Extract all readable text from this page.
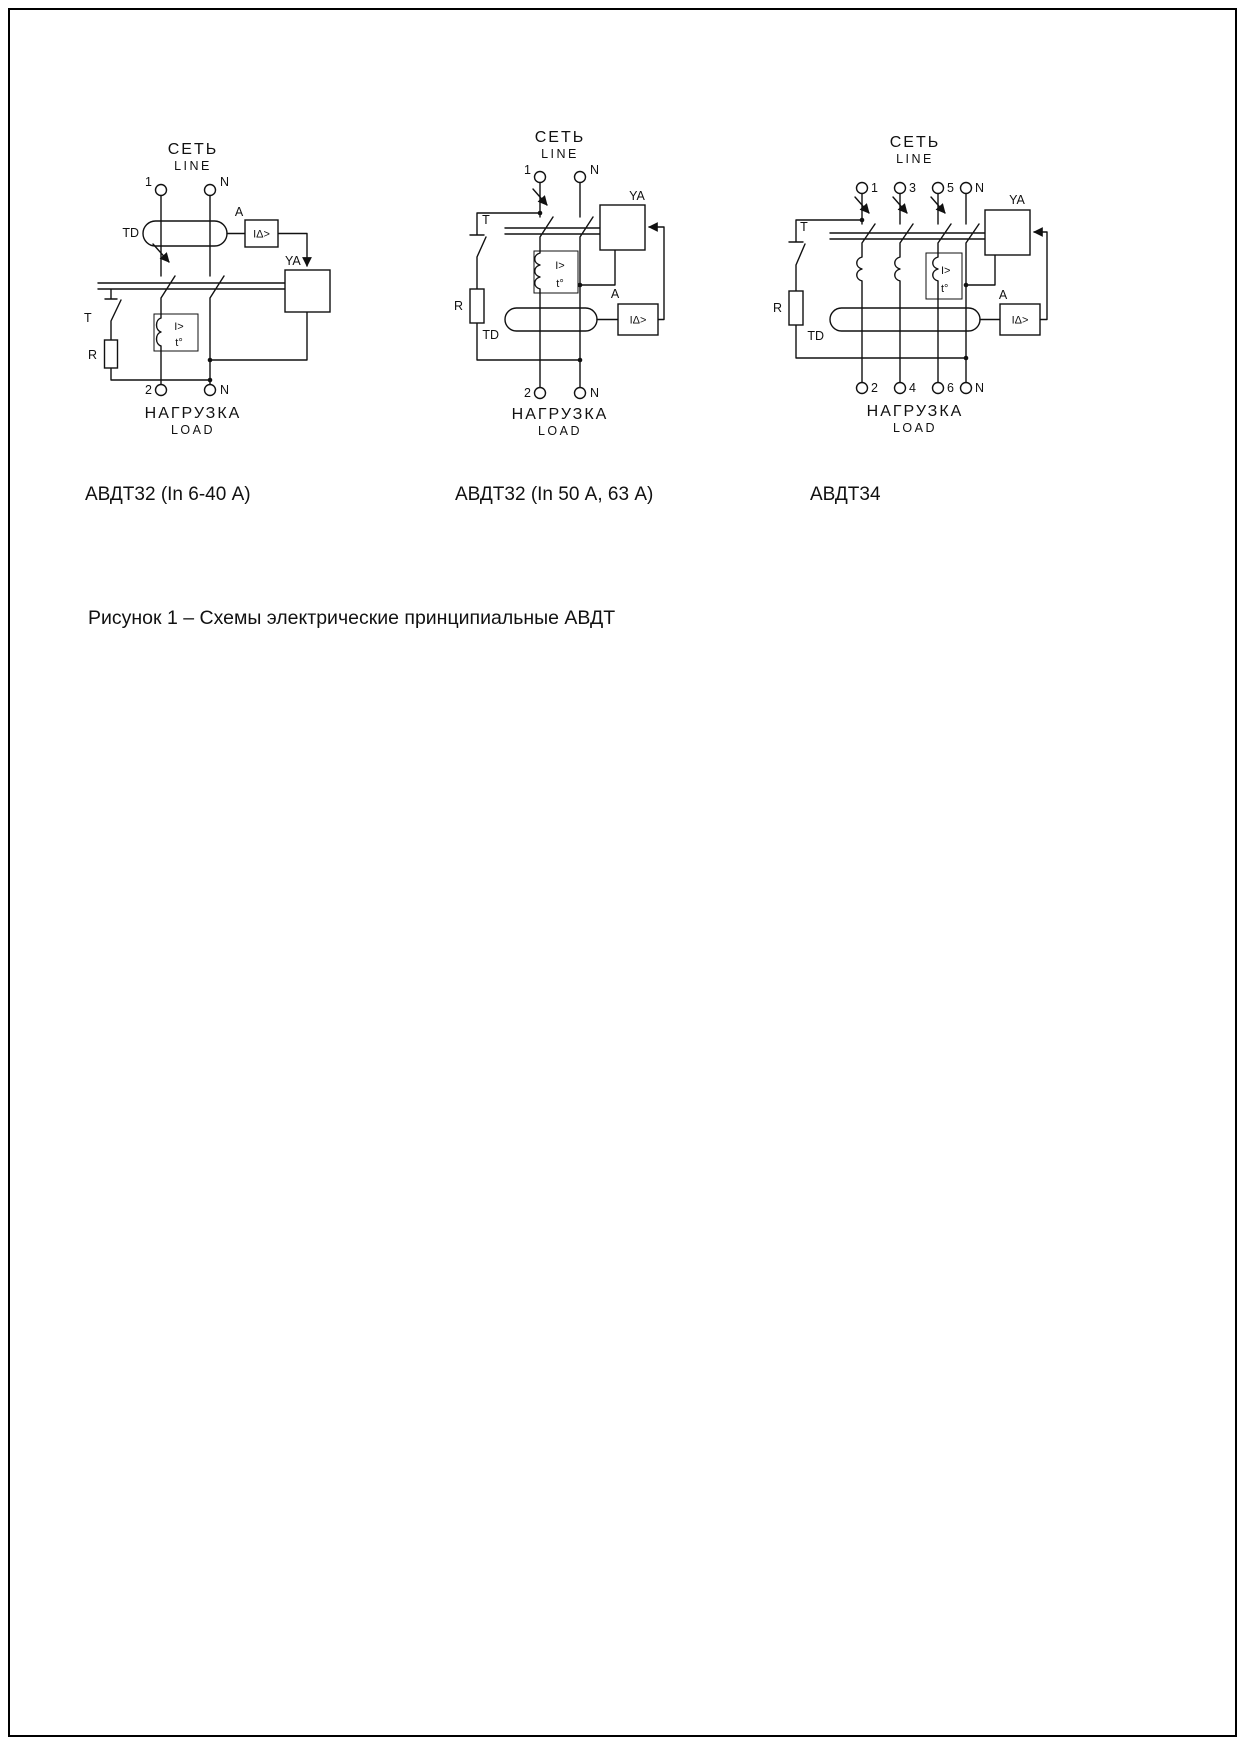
СЕТЬ
LINE
1	N
TD
A
IΔ>
YA
T
R
I>
t°
2	N
НАГРУЗКА
LOAD
СЕТЬ
LINE
1	N
T
YA
I>
t°
R
TD
A
IΔ>
2	N
НАГРУЗКА
LOAD
СЕТЬ
LINE
1 3 5 N
T
YA
I>
t°
R
TD
A
IΔ>
2 4 6 N
НАГРУЗКА
LOAD
АВДТ32 (In 6-40 А)	АВДТ32 (In 50 А, 63 А)	АВДТ34
Рисунок 1 – Схемы электрические принципиальные АВДТ
